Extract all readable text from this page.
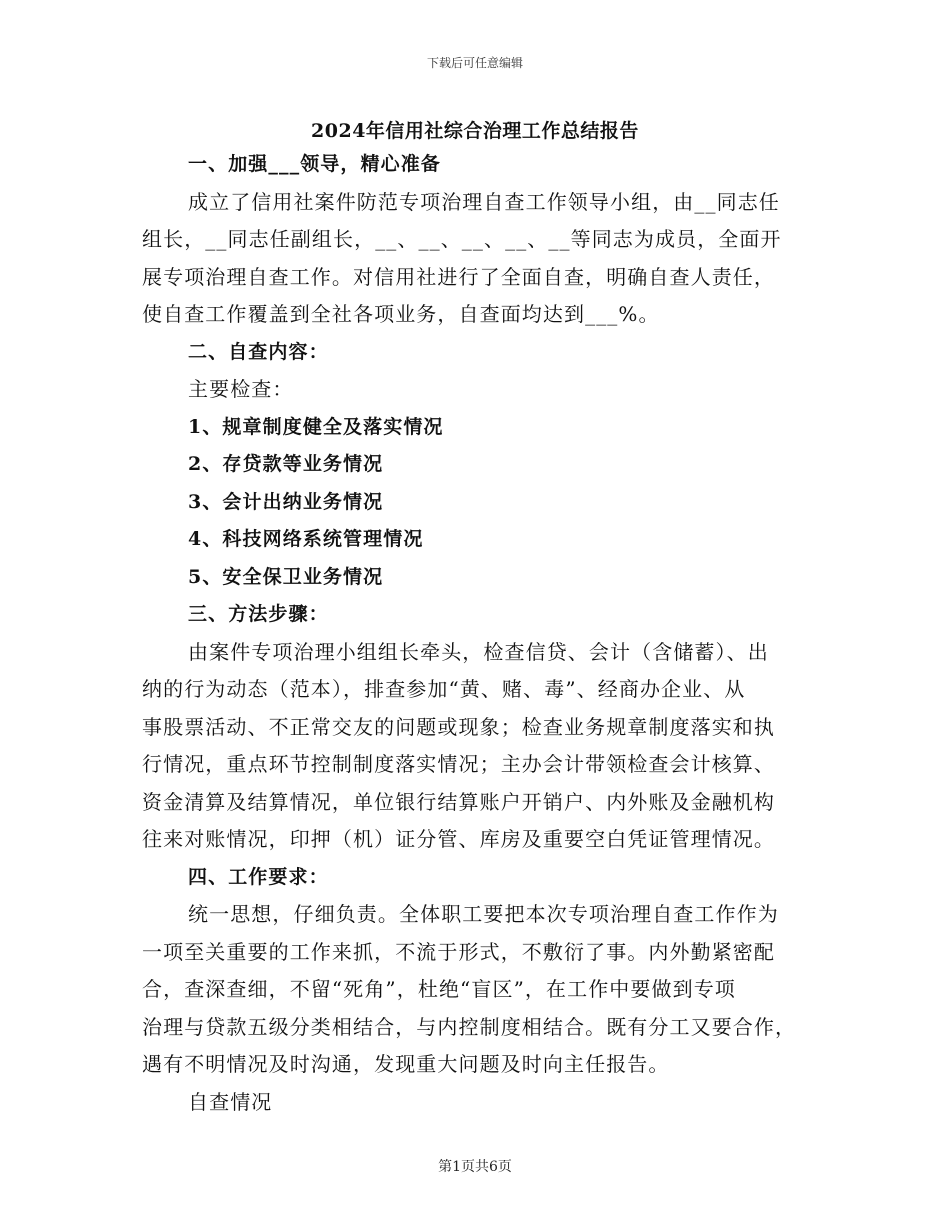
下载后可任意编辑
2024年信用社综合治理工作总结报告
一、加强___领导，精心准备
成立了信用社案件防范专项治理自查工作领导小组，由__同志任
组长，__同志任副组长，__、__、__、__、__等同志为成员，全面开
展专项治理自查工作。对信用社进行了全面自查，明确自查人责任，
使自查工作覆盖到全社各项业务，自查面均达到___%。
二、自查内容：
主要检查：
1、规章制度健全及落实情况
2、存贷款等业务情况
3、会计出纳业务情况
4、科技网络系统管理情况
5、安全保卫业务情况
三、方法步骤：
由案件专项治理小组组长牵头，检查信贷、会计（含储蓄）、出
纳的行为动态（范本），排查参加“黄、赌、毒”、经商办企业、从
事股票活动、不正常交友的问题或现象；检查业务规章制度落实和执
行情况，重点环节控制制度落实情况；主办会计带领检查会计核算、
资金清算及结算情况，单位银行结算账户开销户、内外账及金融机构
往来对账情况，印押（机）证分管、库房及重要空白凭证管理情况。
四、工作要求：
统一思想，仔细负责。全体职工要把本次专项治理自查工作作为
一项至关重要的工作来抓，不流于形式，不敷衍了事。内外勤紧密配
合，查深查细，不留“死角”，杜绝“盲区”，在工作中要做到专项
治理与贷款五级分类相结合，与内控制度相结合。既有分工又要合作，
遇有不明情况及时沟通，发现重大问题及时向主任报告。
自查情况
第1页共6页
